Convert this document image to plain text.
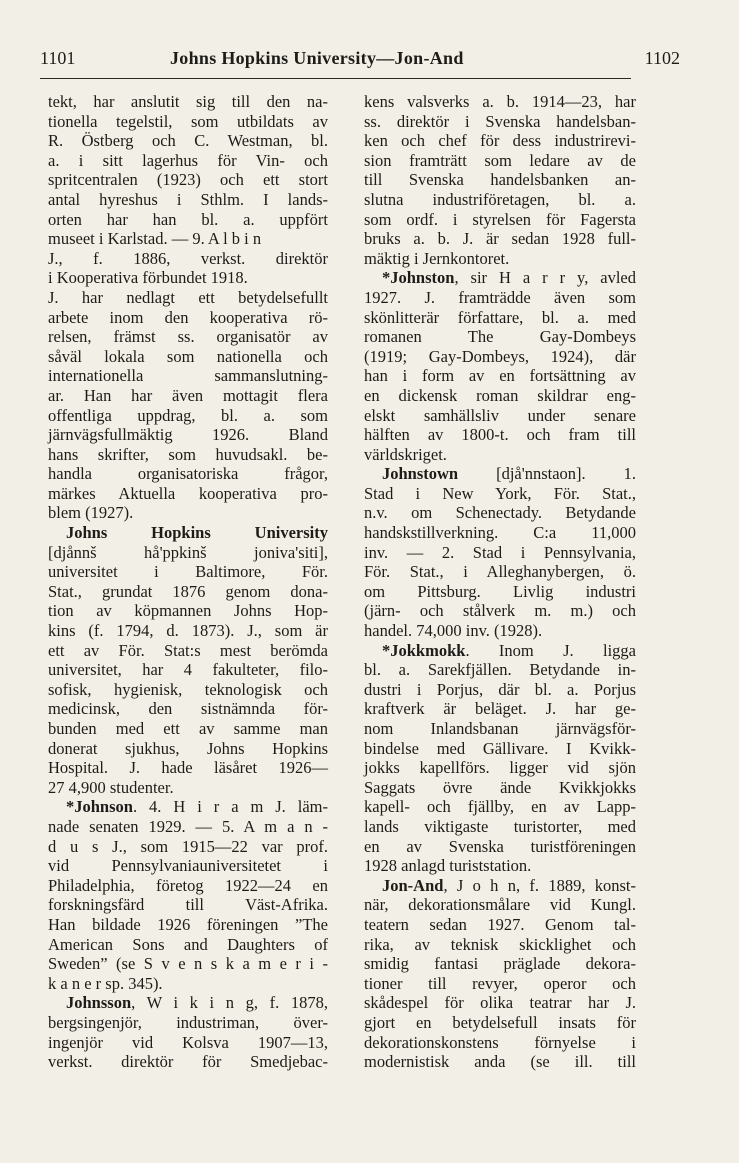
1101	Johns Hopkins University—Jon-And	1102
tekt, har anslutit sig till den na-
tionella tegelstil, som utbildats av
R. Östberg och C. Westman, bl.
a. i sitt lagerhus för Vin- och
spritcentralen (1923) och ett stort
antal hyreshus i Sthlm. I lands-
orten har han bl. a. uppfört
museet i Karlstad. — 9. A l b i n
J., f. 1886, verkst. direktör
i Kooperativa förbundet 1918.
J. har nedlagt ett betydelsefullt
arbete inom den kooperativa rö-
relsen, främst ss. organisatör av
såväl lokala som nationella och
internationella sammanslutning-
ar. Han har även mottagit flera
offentliga uppdrag, bl. a. som
järnvägsfullmäktig 1926. Bland
hans skrifter, som huvudsakl. be-
handla organisatoriska frågor,
märkes Aktuella kooperativa pro-
blem (1927).
Johns Hopkins University
[djånnš hå'ppkinš joniva'siti],
universitet i Baltimore, För.
Stat., grundat 1876 genom dona-
tion av köpmannen Johns Hop-
kins (f. 1794, d. 1873). J., som är
ett av För. Stat:s mest berömda
universitet, har 4 fakulteter, filo-
sofisk, hygienisk, teknologisk och
medicinsk, den sistnämnda för-
bunden med ett av samme man
donerat sjukhus, Johns Hopkins
Hospital. J. hade läsåret 1926—
27 4,900 studenter.
*Johnson. 4. H i r a m J. läm-
nade senaten 1929. — 5. A m a n -
d u s J., som 1915—22 var prof.
vid Pennsylvaniauniversitetet i
Philadelphia, företog 1922—24 en
forskningsfärd till Väst-Afrika.
Han bildade 1926 föreningen ”The
American Sons and Daughters of
Sweden” (se S v e n s k a m e r i -
k a n e r sp. 345).
Johnsson, W i k i n g, f. 1878,
bergsingenjör, industriman, över-
ingenjör vid Kolsva 1907—13,
verkst. direktör för Smedjebac-
kens valsverks a. b. 1914—23, har
ss. direktör i Svenska handelsban-
ken och chef för dess industrirevi-
sion framträtt som ledare av de
till Svenska handelsbanken an-
slutna industriföretagen, bl. a.
som ordf. i styrelsen för Fagersta
bruks a. b. J. är sedan 1928 full-
mäktig i Jernkontoret.
*Johnston, sir H a r r y, avled
1927. J. framträdde även som
skönlitterär författare, bl. a. med
romanen The Gay-Dombeys
(1919; Gay-Dombeys, 1924), där
han i form av en fortsättning av
en dickensk roman skildrar eng-
elskt samhällsliv under senare
hälften av 1800-t. och fram till
världskriget.
Johnstown [djå'nnstaon]. 1.
Stad i New York, För. Stat.,
n.v. om Schenectady. Betydande
handskstillverkning. C:a 11,000
inv. — 2. Stad i Pennsylvania,
För. Stat., i Alleghanybergen, ö.
om Pittsburg. Livlig industri
(järn- och stålverk m. m.) och
handel. 74,000 inv. (1928).
*Jokkmokk. Inom J. ligga
bl. a. Sarekfjällen. Betydande in-
dustri i Porjus, där bl. a. Porjus
kraftverk är beläget. J. har ge-
nom Inlandsbanan järnvägsför-
bindelse med Gällivare. I Kvikk-
jokks kapellförs. ligger vid sjön
Saggats övre ände Kvikkjokks
kapell- och fjällby, en av Lapp-
lands viktigaste turistorter, med
en av Svenska turistföreningen
1928 anlagd turiststation.
Jon-And, J o h n, f. 1889, konst-
när, dekorationsmålare vid Kungl.
teatern sedan 1927. Genom tal-
rika, av teknisk skicklighet och
smidig fantasi präglade dekora-
tioner till revyer, operor och
skådespel för olika teatrar har J.
gjort en betydelsefull insats för
dekorationskonstens förnyelse i
modernistisk anda (se ill. till
